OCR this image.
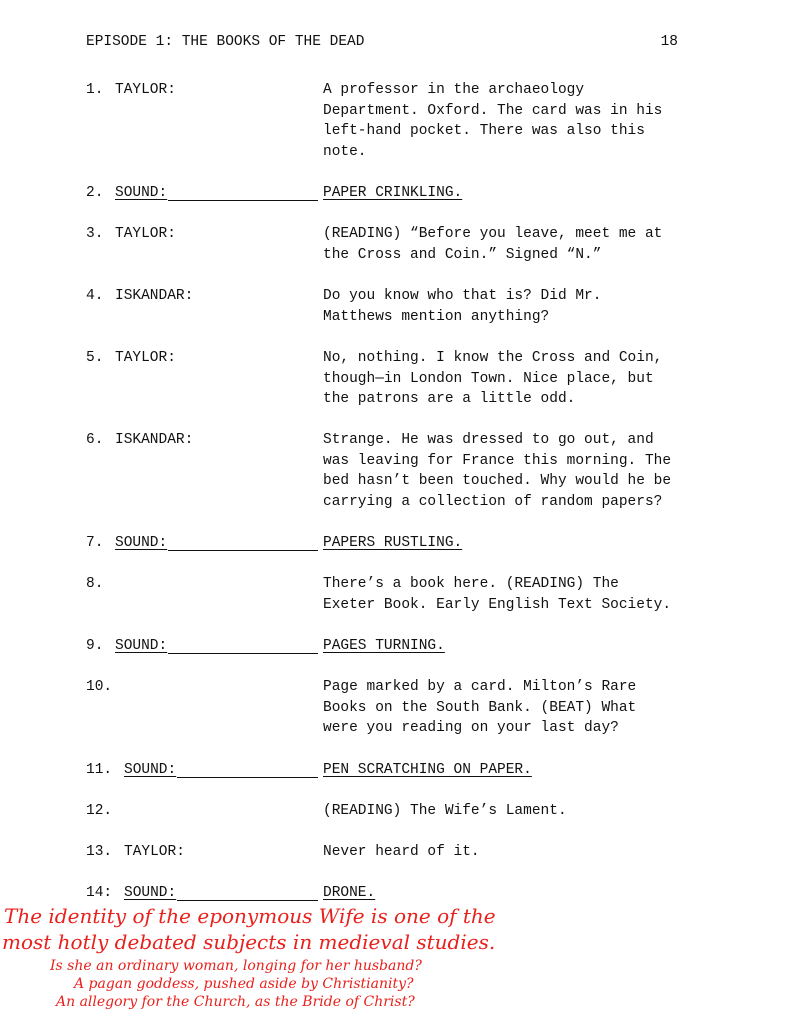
EPISODE 1: THE BOOKS OF THE DEAD	18
1. TAYLOR:	A professor in the archaeology
Department. Oxford. The card was in his
left-hand pocket. There was also this
note.
2. SOUND:	PAPER CRINKLING.
3. TAYLOR:	(READING) “Before you leave, meet me at
the Cross and Coin.” Signed “N.”
4. ISKANDAR:	Do you know who that is? Did Mr.
Matthews mention anything?
5. TAYLOR:	No, nothing. I know the Cross and Coin,
though—in London Town. Nice place, but
the patrons are a little odd.
6. ISKANDAR:	Strange. He was dressed to go out, and
was leaving for France this morning. The
bed hasn’t been touched. Why would he be
carrying a collection of random papers?
7. SOUND:	PAPERS RUSTLING.
8.	There’s a book here. (READING) The
Exeter Book. Early English Text Society.
9. SOUND:	PAGES TURNING.
10.	Page marked by a card. Milton’s Rare
Books on the South Bank. (BEAT) What
were you reading on your last day?
11. SOUND:	PEN SCRATCHING ON PAPER.
12.	(READING) The Wife’s Lament.
13. TAYLOR:	Never heard of it.
14: SOUND:	DRONE.
The identity of the eponymous Wife is one of the
most hotly debated subjects in medieval studies.
Is she an ordinary woman, longing for her husband?
A pagan goddess, pushed aside by Christianity?
An allegory for the Church, as the Bride of Christ?
